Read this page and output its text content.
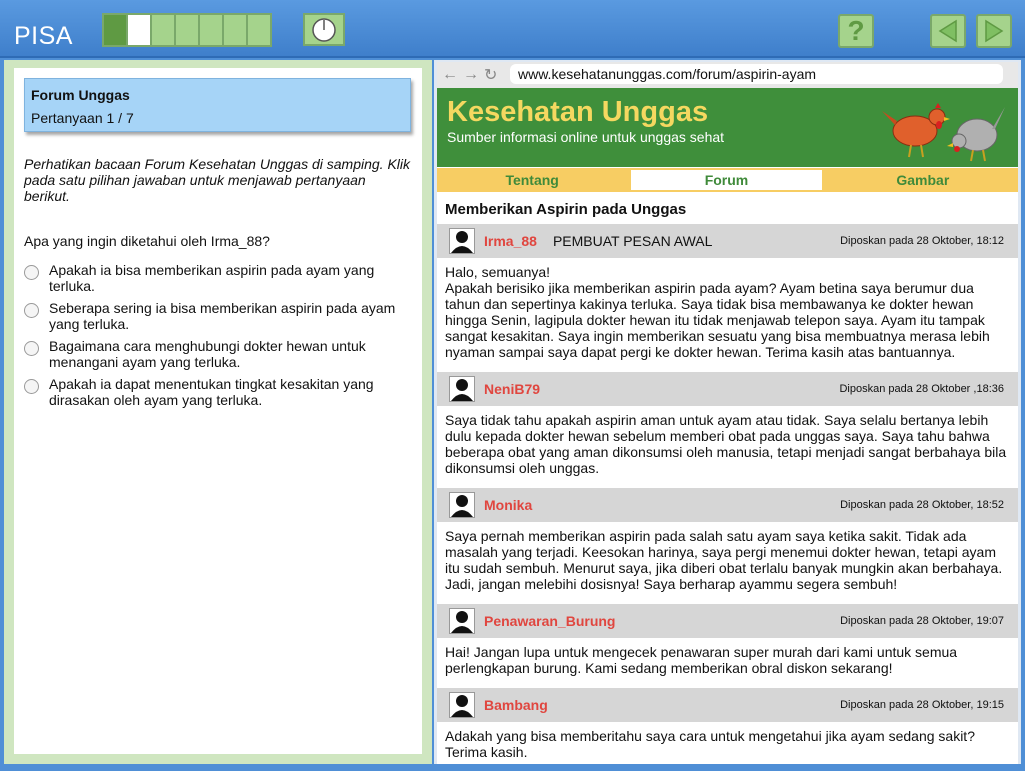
PISA	?
Forum Unggas
Pertanyaan 1 / 7
Perhatikan bacaan Forum Kesehatan Unggas di samping. Klik pada satu pilihan jawaban untuk menjawab pertanyaan berikut.
Apa yang ingin diketahui oleh Irma_88?
Apakah ia bisa memberikan aspirin pada ayam yang terluka.
Seberapa sering ia bisa memberikan aspirin pada ayam yang terluka.
Bagaimana cara menghubungi dokter hewan untuk menangani ayam yang terluka.
Apakah ia dapat menentukan tingkat kesakitan yang dirasakan oleh ayam yang terluka.
← → ↻	www.kesehatanunggas.com/forum/aspirin-ayam
Kesehatan Unggas
Sumber informasi online untuk unggas sehat
Tentang	Forum	Gambar
Memberikan Aspirin pada Unggas
Irma_88 PEMBUAT PESAN AWAL	Diposkan pada 28 Oktober, 18:12
Halo, semuanya!
Apakah berisiko jika memberikan aspirin pada ayam? Ayam betina saya berumur dua tahun dan sepertinya kakinya terluka. Saya tidak bisa membawanya ke dokter hewan hingga Senin, lagipula dokter hewan itu tidak menjawab telepon saya. Ayam itu tampak sangat kesakitan. Saya ingin memberikan sesuatu yang bisa membuatnya merasa lebih nyaman sampai saya dapat pergi ke dokter hewan. Terima kasih atas bantuannya.
NeniB79	Diposkan pada 28 Oktober ,18:36
Saya tidak tahu apakah aspirin aman untuk ayam atau tidak. Saya selalu bertanya lebih dulu kepada dokter hewan sebelum memberi obat pada unggas saya. Saya tahu bahwa beberapa obat yang aman dikonsumsi oleh manusia, tetapi menjadi sangat berbahaya bila dikonsumsi oleh unggas.
Monika	Diposkan pada 28 Oktober, 18:52
Saya pernah memberikan aspirin pada salah satu ayam saya ketika sakit. Tidak ada masalah yang terjadi. Keesokan harinya, saya pergi menemui dokter hewan, tetapi ayam itu sudah sembuh. Menurut saya, jika diberi obat terlalu banyak mungkin akan berbahaya. Jadi, jangan melebihi dosisnya! Saya berharap ayammu segera sembuh!
Penawaran_Burung	Diposkan pada 28 Oktober, 19:07
Hai! Jangan lupa untuk mengecek penawaran super murah dari kami untuk semua perlengkapan burung. Kami sedang memberikan obral diskon sekarang!
Bambang	Diposkan pada 28 Oktober, 19:15
Adakah yang bisa memberitahu saya cara untuk mengetahui jika ayam sedang sakit? Terima kasih.
